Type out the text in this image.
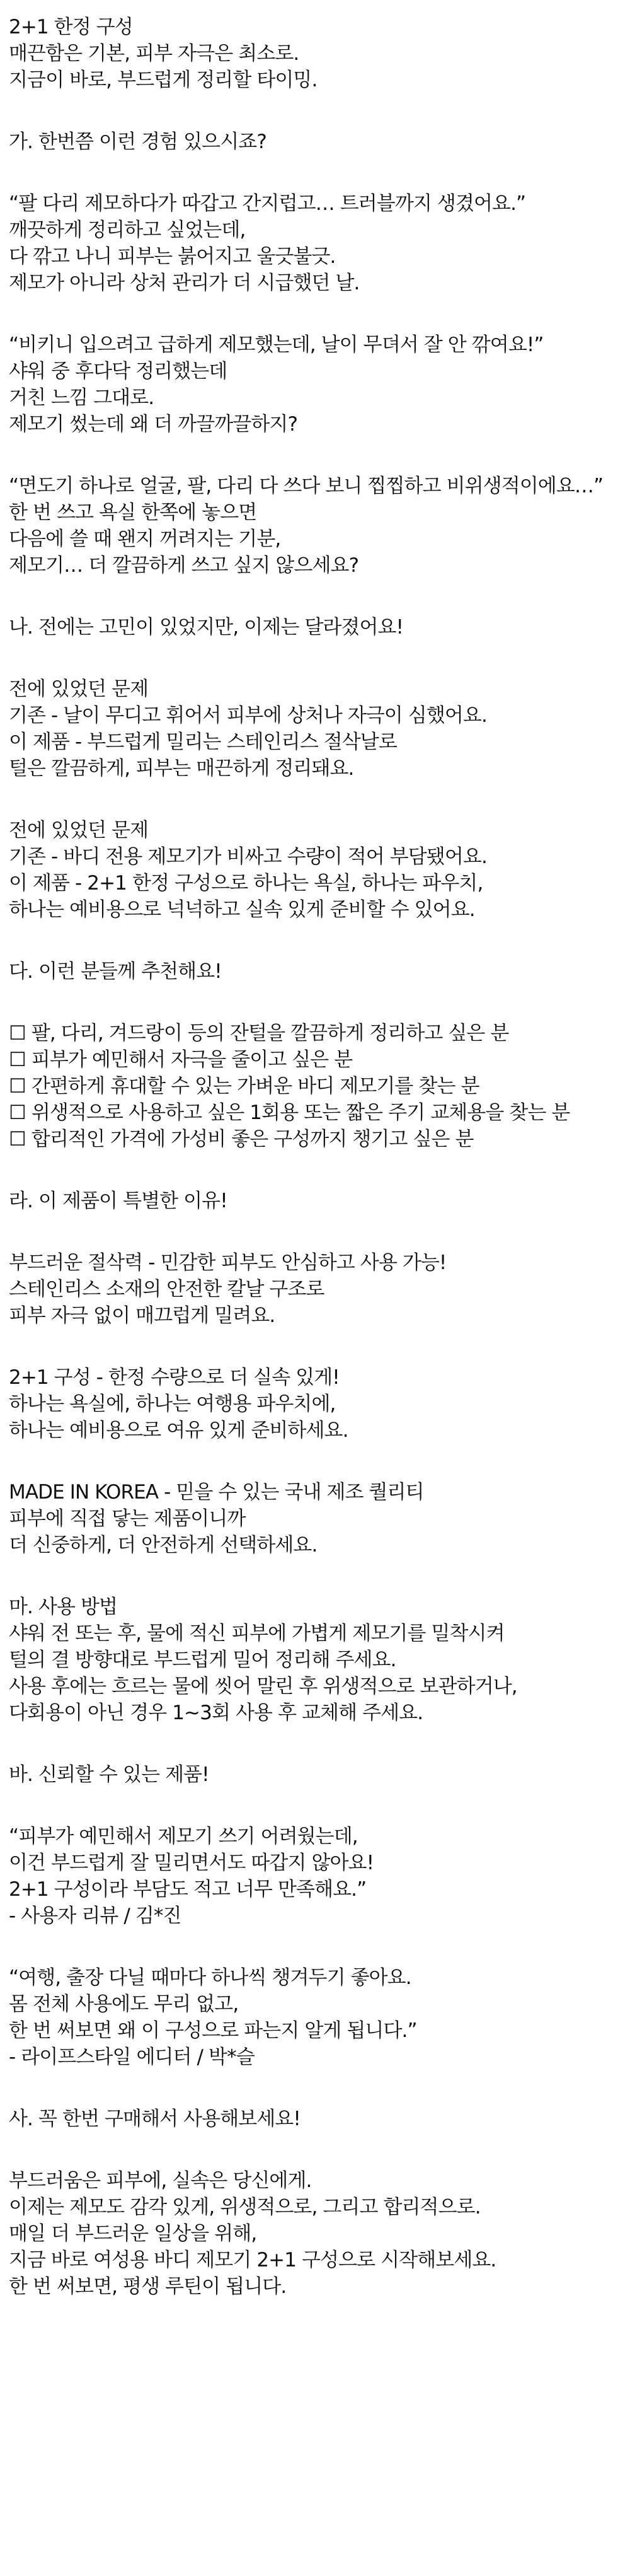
2+1 한정 구성
매끈함은 기본, 피부 자극은 최소로.
지금이 바로, 부드럽게 정리할 타이밍.
가. 한번쯤 이런 경험 있으시죠?
“팔 다리 제모하다가 따갑고 간지럽고… 트러블까지 생겼어요.”
깨끗하게 정리하고 싶었는데,
다 깎고 나니 피부는 붉어지고 울긋불긋.
제모가 아니라 상처 관리가 더 시급했던 날.
“비키니 입으려고 급하게 제모했는데, 날이 무뎌서 잘 안 깎여요!”
샤워 중 후다닥 정리했는데
거친 느낌 그대로.
제모기 썼는데 왜 더 까끌까끌하지?
“면도기 하나로 얼굴, 팔, 다리 다 쓰다 보니 찝찝하고 비위생적이에요…”
한 번 쓰고 욕실 한쪽에 놓으면
다음에 쓸 때 왠지 꺼려지는 기분,
제모기… 더 깔끔하게 쓰고 싶지 않으세요?
나. 전에는 고민이 있었지만, 이제는 달라졌어요!
전에 있었던 문제
기존 - 날이 무디고 휘어서 피부에 상처나 자극이 심했어요.
이 제품 - 부드럽게 밀리는 스테인리스 절삭날로
털은 깔끔하게, 피부는 매끈하게 정리돼요.
전에 있었던 문제
기존 - 바디 전용 제모기가 비싸고 수량이 적어 부담됐어요.
이 제품 - 2+1 한정 구성으로 하나는 욕실, 하나는 파우치,
하나는 예비용으로 넉넉하고 실속 있게 준비할 수 있어요.
다. 이런 분들께 추천해요!
☐ 팔, 다리, 겨드랑이 등의 잔털을 깔끔하게 정리하고 싶은 분
☐ 피부가 예민해서 자극을 줄이고 싶은 분
☐ 간편하게 휴대할 수 있는 가벼운 바디 제모기를 찾는 분
☐ 위생적으로 사용하고 싶은 1회용 또는 짧은 주기 교체용을 찾는 분
☐ 합리적인 가격에 가성비 좋은 구성까지 챙기고 싶은 분
라. 이 제품이 특별한 이유!
부드러운 절삭력 - 민감한 피부도 안심하고 사용 가능!
스테인리스 소재의 안전한 칼날 구조로
피부 자극 없이 매끄럽게 밀려요.
2+1 구성 - 한정 수량으로 더 실속 있게!
하나는 욕실에, 하나는 여행용 파우치에,
하나는 예비용으로 여유 있게 준비하세요.
MADE IN KOREA - 믿을 수 있는 국내 제조 퀄리티
피부에 직접 닿는 제품이니까
더 신중하게, 더 안전하게 선택하세요.
마. 사용 방법
샤워 전 또는 후, 물에 적신 피부에 가볍게 제모기를 밀착시켜
털의 결 방향대로 부드럽게 밀어 정리해 주세요.
사용 후에는 흐르는 물에 씻어 말린 후 위생적으로 보관하거나,
다회용이 아닌 경우 1~3회 사용 후 교체해 주세요.
바. 신뢰할 수 있는 제품!
“피부가 예민해서 제모기 쓰기 어려웠는데,
이건 부드럽게 잘 밀리면서도 따갑지 않아요!
2+1 구성이라 부담도 적고 너무 만족해요.”
- 사용자 리뷰 / 김*진
“여행, 출장 다닐 때마다 하나씩 챙겨두기 좋아요.
몸 전체 사용에도 무리 없고,
한 번 써보면 왜 이 구성으로 파는지 알게 됩니다.”
- 라이프스타일 에디터 / 박*슬
사. 꼭 한번 구매해서 사용해보세요!
부드러움은 피부에, 실속은 당신에게.
이제는 제모도 감각 있게, 위생적으로, 그리고 합리적으로.
매일 더 부드러운 일상을 위해,
지금 바로 여성용 바디 제모기 2+1 구성으로 시작해보세요.
한 번 써보면, 평생 루틴이 됩니다.
